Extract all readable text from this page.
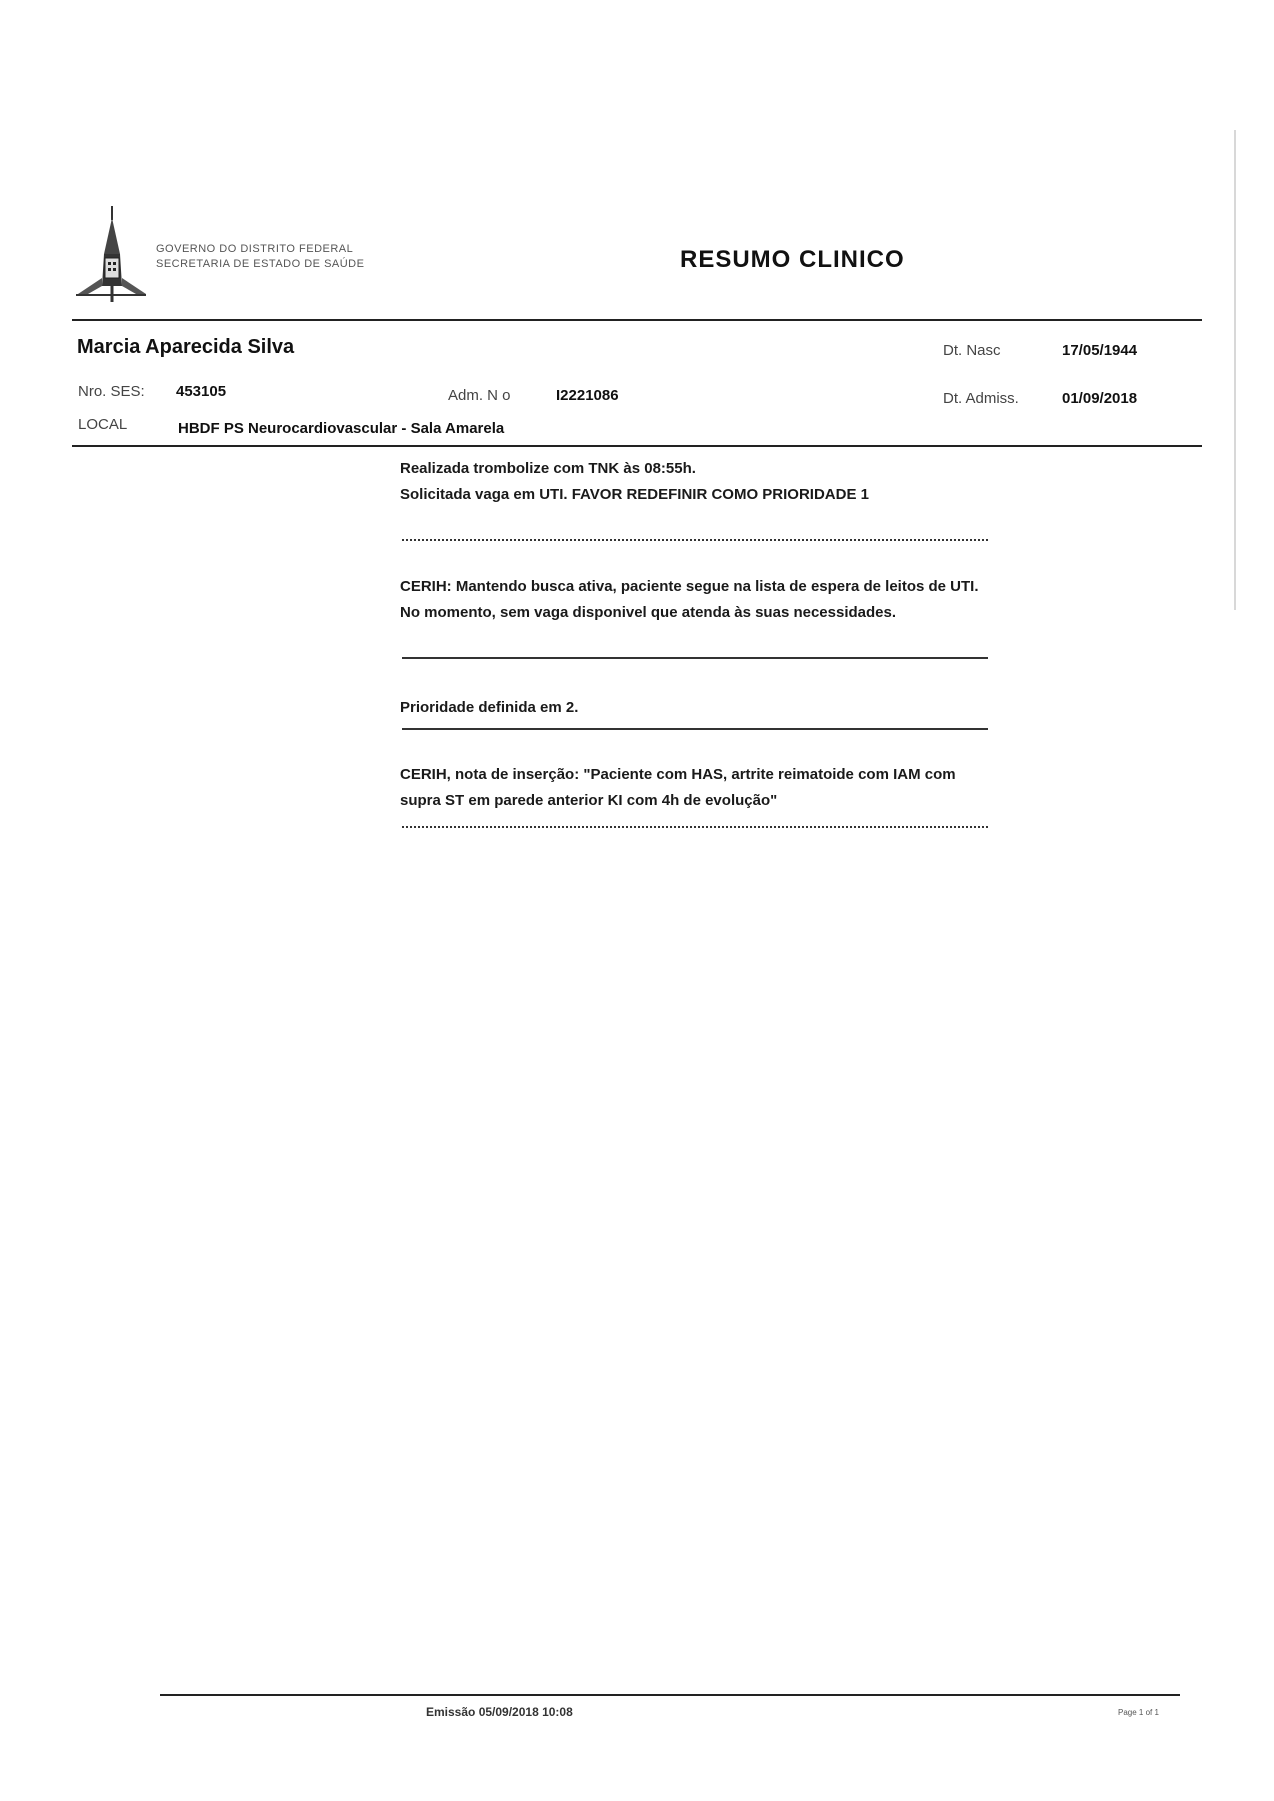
GOVERNO DO DISTRITO FEDERAL
SECRETARIA DE ESTADO DE SAÚDE	RESUMO CLINICO
Marcia Aparecida Silva	Dt. Nasc	17/05/1944
Nro. SES: 453105	Adm. N o	I2221086	Dt. Admiss.	01/09/2018
LOCAL	HBDF PS Neurocardiovascular - Sala Amarela
Realizada trombolize com TNK às 08:55h.
Solicitada vaga em UTI. FAVOR REDEFINIR COMO PRIORIDADE 1
CERIH: Mantendo busca ativa, paciente segue na lista de espera de leitos de UTI.
No momento, sem vaga disponivel que atenda às suas necessidades.
Prioridade definida em 2.
CERIH, nota de inserção: "Paciente com HAS, artrite reimatoide com IAM com
supra ST em parede anterior KI com 4h de evolução"
Emissão 05/09/2018 10:08	Page 1 of 1
